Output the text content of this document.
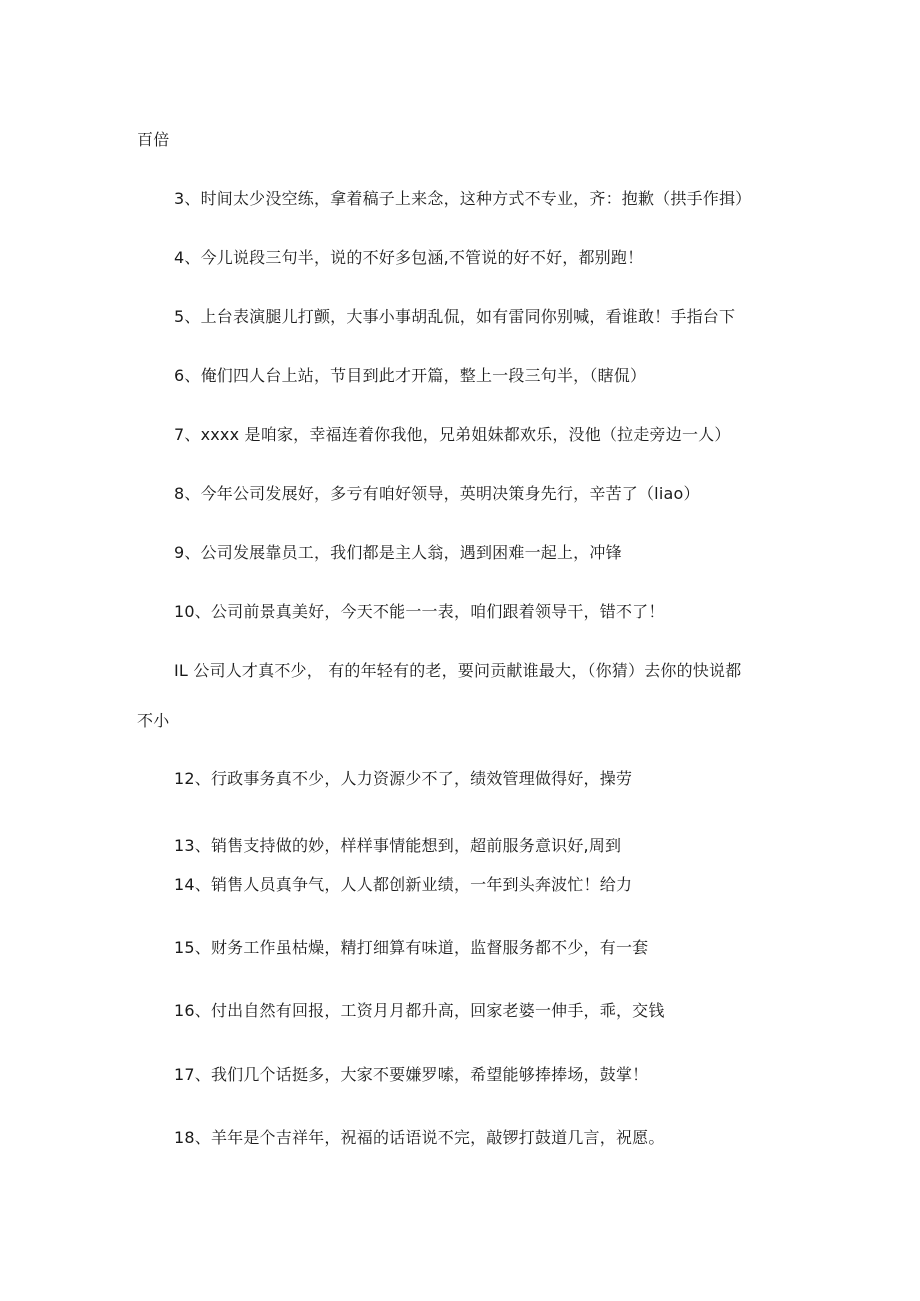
百倍
3、时间太少没空练，拿着稿子上来念，这种方式不专业，齐：抱歉（拱手作揖）
4、今儿说段三句半，说的不好多包涵,不管说的好不好，都别跑！
5、上台表演腿儿打颤，大事小事胡乱侃，如有雷同你别喊，看谁敢！手指台下
6、俺们四人台上站，节目到此才开篇，整上一段三句半，（瞎侃）
7、xxxx 是咱家，幸福连着你我他，兄弟姐妹都欢乐，没他（拉走旁边一人）
8、今年公司发展好，多亏有咱好领导，英明决策身先行，辛苦了（liao）
9、公司发展靠员工，我们都是主人翁，遇到困难一起上，冲锋
10、公司前景真美好，今天不能一一表，咱们跟着领导干，错不了！
IL 公司人才真不少， 有的年轻有的老，要问贡献谁最大，（你猜）去你的快说都
不小
12、行政事务真不少，人力资源少不了，绩效管理做得好，操劳
13、销售支持做的妙，样样事情能想到，超前服务意识好,周到
14、销售人员真争气，人人都创新业绩，一年到头奔波忙！给力
15、财务工作虽枯燥，精打细算有味道，监督服务都不少，有一套
16、付出自然有回报，工资月月都升高，回家老婆一伸手，乖，交钱
17、我们几个话挺多，大家不要嫌罗嗦，希望能够捧捧场，鼓掌！
18、羊年是个吉祥年，祝福的话语说不完，敲锣打鼓道几言，祝愿。
